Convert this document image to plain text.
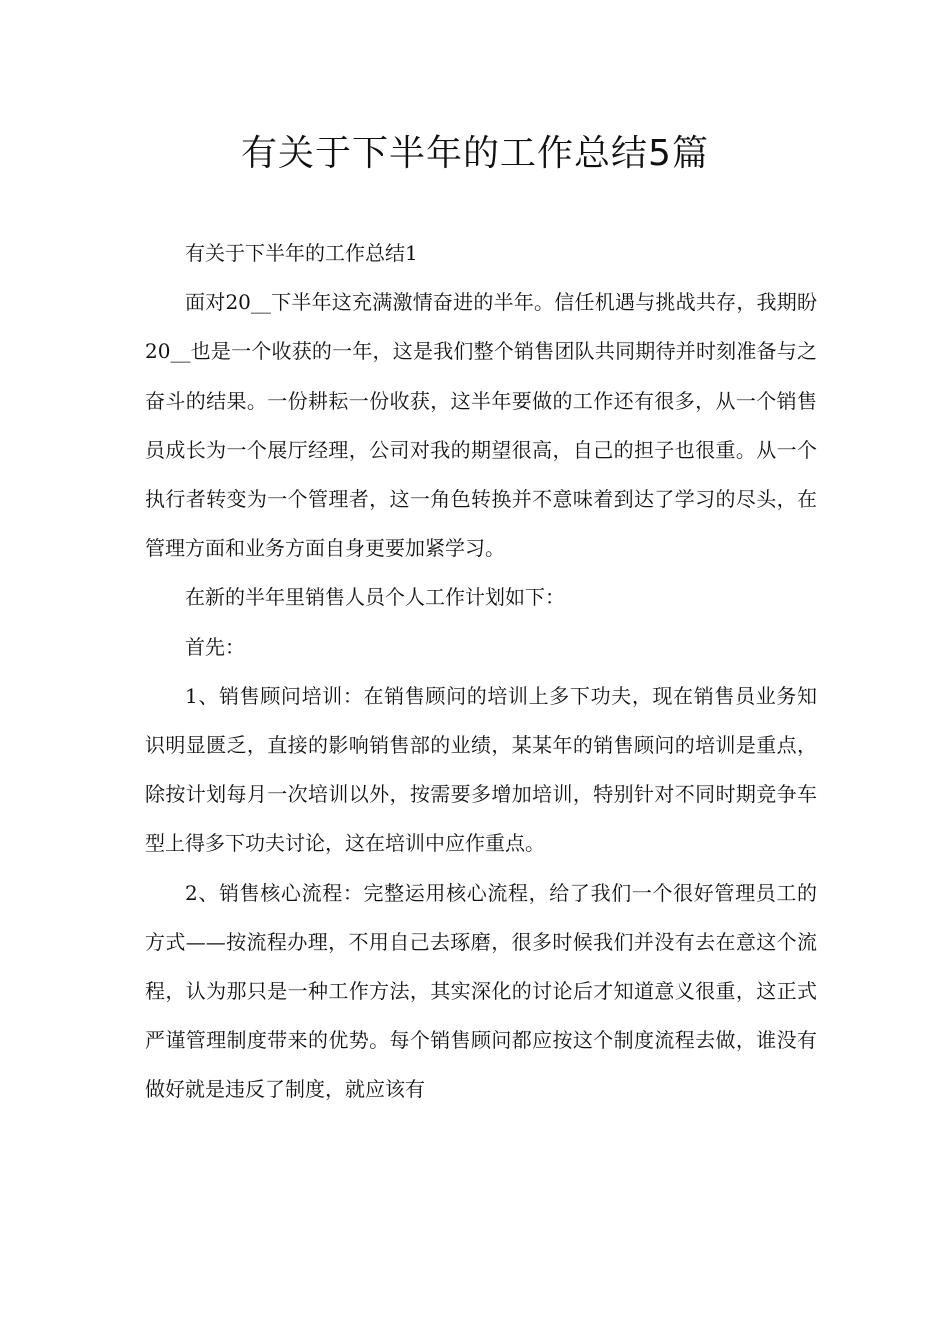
有关于下半年的工作总结5篇

有关于下半年的工作总结1

面对20__下半年这充满激情奋进的半年。信任机遇与挑战共存，我期盼20__也是一个收获的一年，这是我们整个销售团队共同期待并时刻准备与之奋斗的结果。一份耕耘一份收获，这半年要做的工作还有很多，从一个销售员成长为一个展厅经理，公司对我的期望很高，自己的担子也很重。从一个执行者转变为一个管理者，这一角色转换并不意味着到达了学习的尽头，在管理方面和业务方面自身更要加紧学习。

在新的半年里销售人员个人工作计划如下：

首先：

1、销售顾问培训：在销售顾问的培训上多下功夫，现在销售员业务知识明显匮乏，直接的影响销售部的业绩，某某年的销售顾问的培训是重点，除按计划每月一次培训以外，按需要多增加培训，特别针对不同时期竞争车型上得多下功夫讨论，这在培训中应作重点。

2、销售核心流程：完整运用核心流程，给了我们一个很好管理员工的方式——按流程办理，不用自己去琢磨，很多时候我们并没有去在意这个流程，认为那只是一种工作方法，其实深化的讨论后才知道意义很重，这正式严谨管理制度带来的优势。每个销售顾问都应按这个制度流程去做，谁没有做好就是违反了制度，就应该有
